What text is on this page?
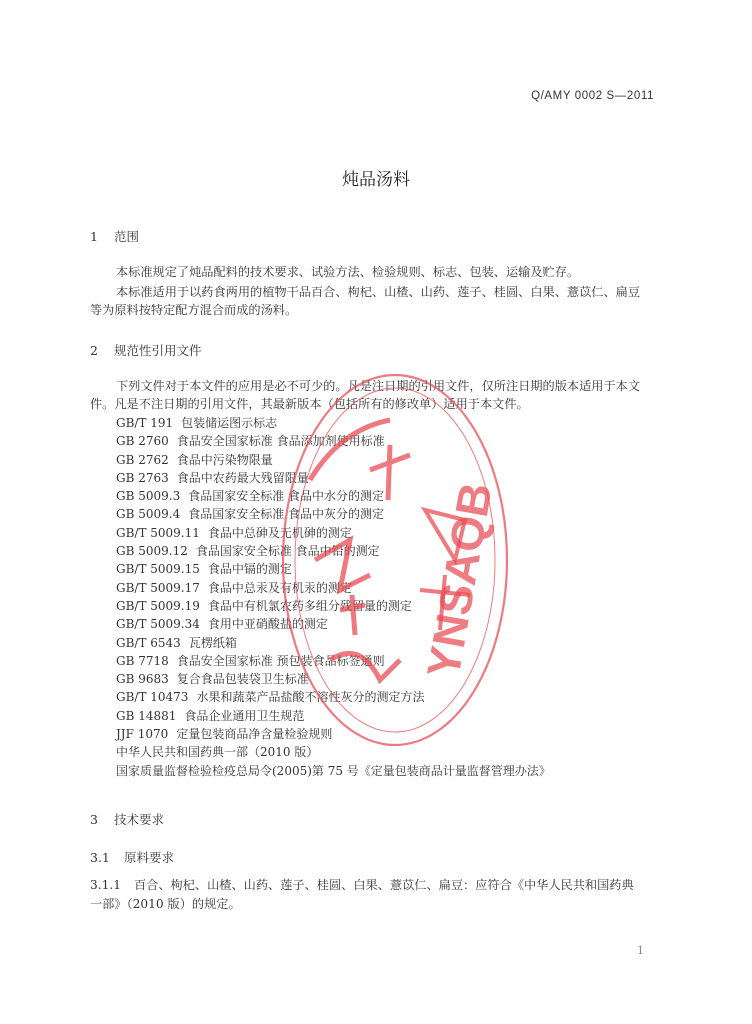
Q/AMY 0002 S—2011
炖品汤料
1 范围
本标准规定了炖品配料的技术要求、试验方法、检验规则、标志、包装、运输及贮存。
本标准适用于以药食两用的植物干品百合、枸杞、山楂、山药、莲子、桂圆、白果、薏苡仁、扁豆
等为原料按特定配方混合而成的汤料。
2 规范性引用文件
下列文件对于本文件的应用是必不可少的。凡是注日期的引用文件，仅所注日期的版本适用于本文
件。凡是不注日期的引用文件，其最新版本（包括所有的修改单）适用于本文件。
GB/T 191 包装储运图示标志
GB 2760 食品安全国家标准 食品添加剂使用标准
GB 2762 食品中污染物限量
GB 2763 食品中农药最大残留限量
GB 5009.3 食品国家安全标准 食品中水分的测定
GB 5009.4 食品国家安全标准 食品中灰分的测定
GB/T 5009.11 食品中总砷及无机砷的测定
GB 5009.12 食品国家安全标准 食品中铅的测定
GB/T 5009.15 食品中镉的测定
GB/T 5009.17 食品中总汞及有机汞的测定
GB/T 5009.19 食品中有机氯农药多组分残留量的测定
GB/T 5009.34 食用中亚硝酸盐的测定
GB/T 6543 瓦楞纸箱
GB 7718 食品安全国家标准 预包装食品标签通则
GB 9683 复合食品包装袋卫生标准
GB/T 10473 水果和蔬菜产品盐酸不溶性灰分的测定方法
GB 14881 食品企业通用卫生规范
JJF 1070 定量包装商品净含量检验规则
中华人民共和国药典一部（2010 版）
国家质量监督检验检疫总局令(2005)第 75 号《定量包装商品计量监督管理办法》
3 技术要求
3.1 原料要求
3.1.1 百合、枸杞、山楂、山药、莲子、桂圆、白果、薏苡仁、扁豆：应符合《中华人民共和国药典
一部》（2010 版）的规定。
1
YNSAQB
